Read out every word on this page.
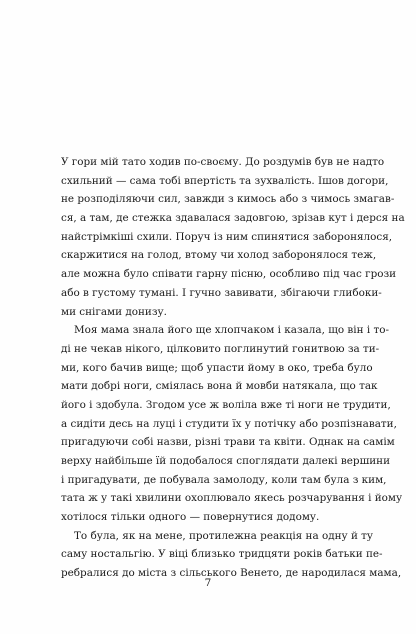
У гори мій тато ходив по-своєму. До роздумів був не надто
схильний — сама тобі впертість та зухвалість. Ішов догори,
не розподіляючи сил, завжди з кимось або з чимось змагав-
ся, а там, де стежка здавалася задовгою, зрізав кут і дерся на
найстрімкіші схили. Поруч із ним спинятися заборонялося,
скаржитися на голод, втому чи холод заборонялося теж,
але можна було співати гарну пісню, особливо під час грози
або в густому тумані. І гучно завивати, збігаючи глибоки-
ми снігами донизу.
Моя мама знала його ще хлопчаком і казала, що він і то-
ді не чекав нікого, цілковито поглинутий гонитвою за ти-
ми, кого бачив вище; щоб упасти йому в око, треба було
мати добрі ноги, сміялась вона й мовби натякала, що так
його і здобула. Згодом усе ж воліла вже ті ноги не трудити,
а сидіти десь на луці і студити їх у потічку або розпізнавати,
пригадуючи собі назви, різні трави та квіти. Однак на самім
верху найбільше їй подобалося споглядати далекі вершини
і пригадувати, де побувала замолоду, коли там була з ким,
тата ж у такі хвилини охоплювало якесь розчарування і йому
хотілося тільки одного — повернутися додому.
То була, як на мене, протилежна реакція на одну й ту
саму ностальгію. У віці близько тридцяти років батьки пе-
ребралися до міста з сільського Венето, де народилася мама,
7
